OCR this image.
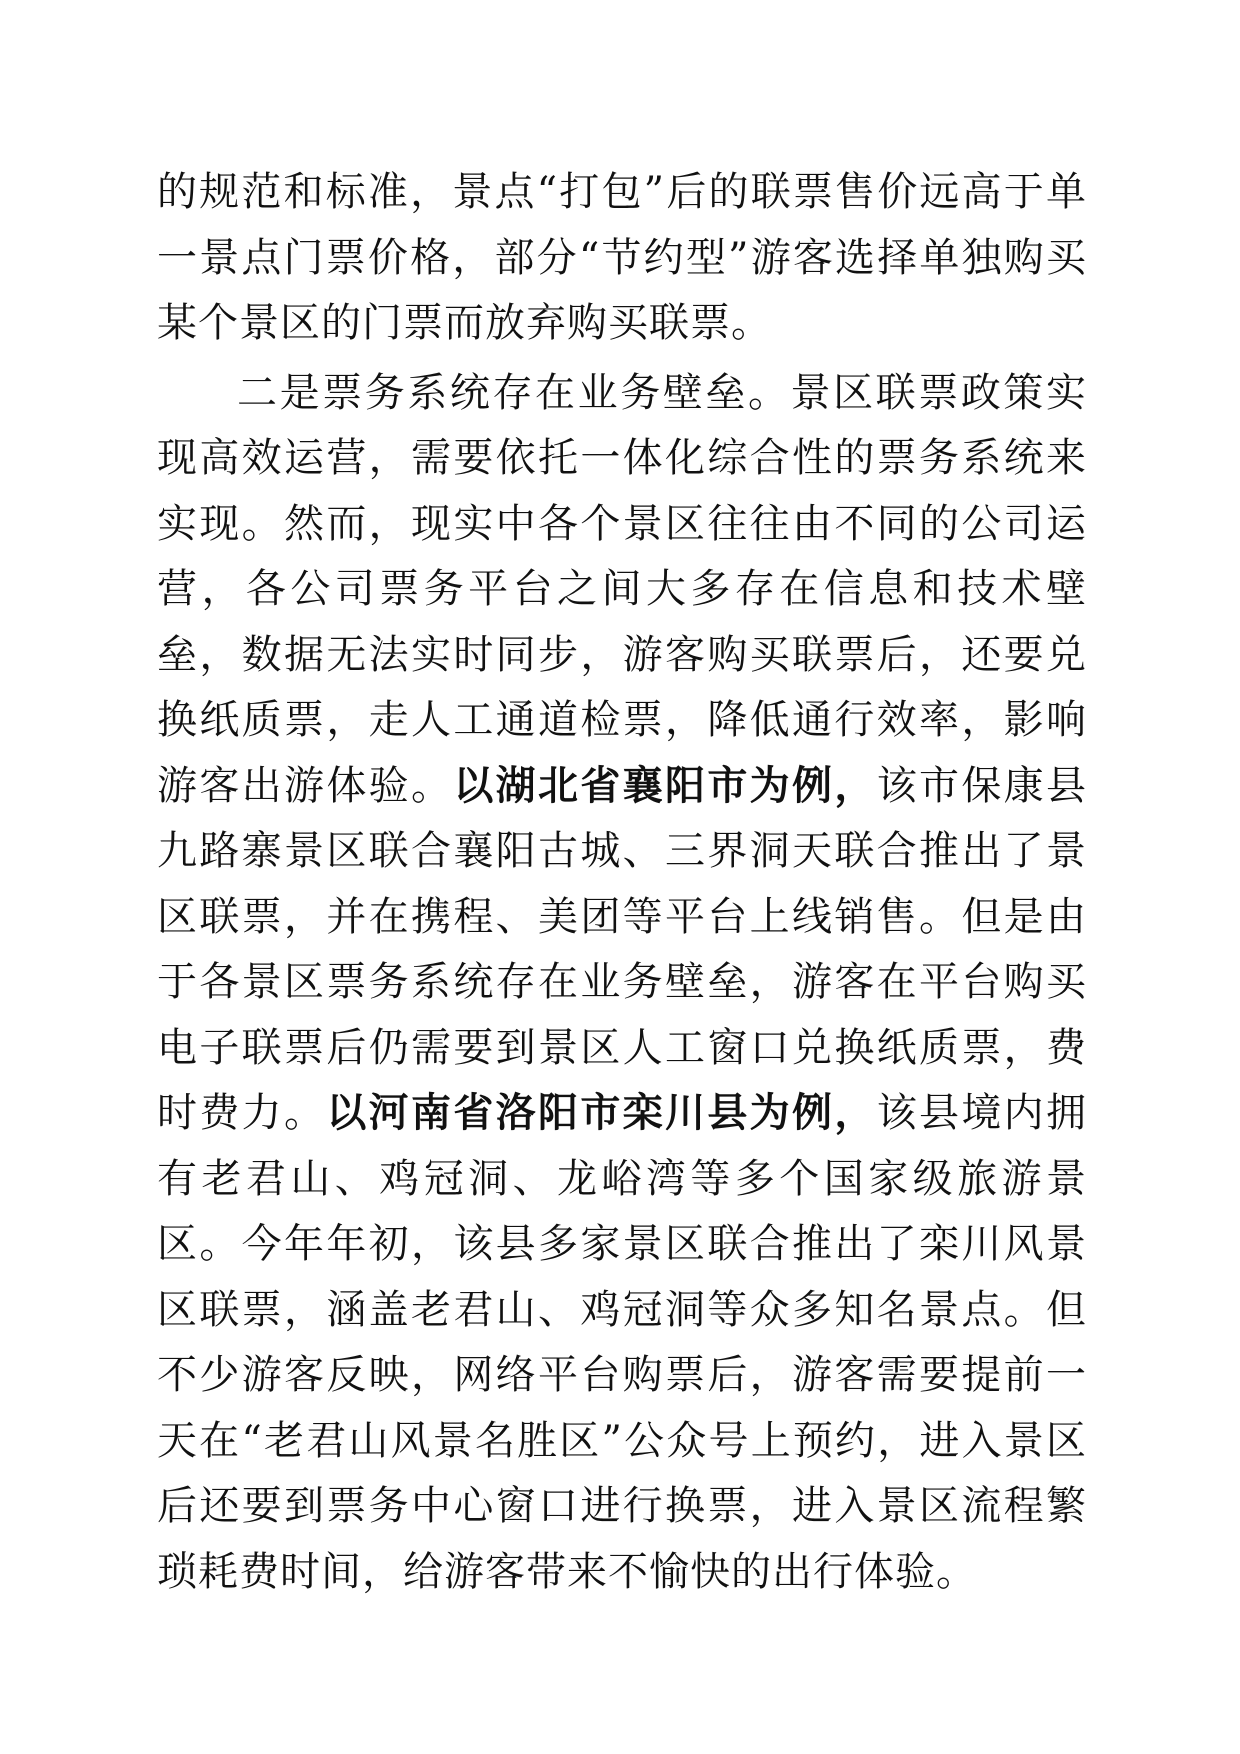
的规范和标准，景点“打包”后的联票售价远高于单一景点门票价格，部分“节约型”游客选择单独购买某个景区的门票而放弃购买联票。

二是票务系统存在业务壁垒。景区联票政策实现高效运营，需要依托一体化综合性的票务系统来实现。然而，现实中各个景区往往由不同的公司运营，各公司票务平台之间大多存在信息和技术壁垒，数据无法实时同步，游客购买联票后，还要兑换纸质票，走人工通道检票，降低通行效率，影响游客出游体验。以湖北省襄阳市为例，该市保康县九路寨景区联合襄阳古城、三界洞天联合推出了景区联票，并在携程、美团等平台上线销售。但是由于各景区票务系统存在业务壁垒，游客在平台购买电子联票后仍需要到景区人工窗口兑换纸质票，费时费力。以河南省洛阳市栾川县为例，该县境内拥有老君山、鸡冠洞、龙峪湾等多个国家级旅游景区。今年年初，该县多家景区联合推出了栾川风景区联票，涵盖老君山、鸡冠洞等众多知名景点。但不少游客反映，网络平台购票后，游客需要提前一天在“老君山风景名胜区”公众号上预约，进入景区后还要到票务中心窗口进行换票，进入景区流程繁琐耗费时间，给游客带来不愉快的出行体验。
